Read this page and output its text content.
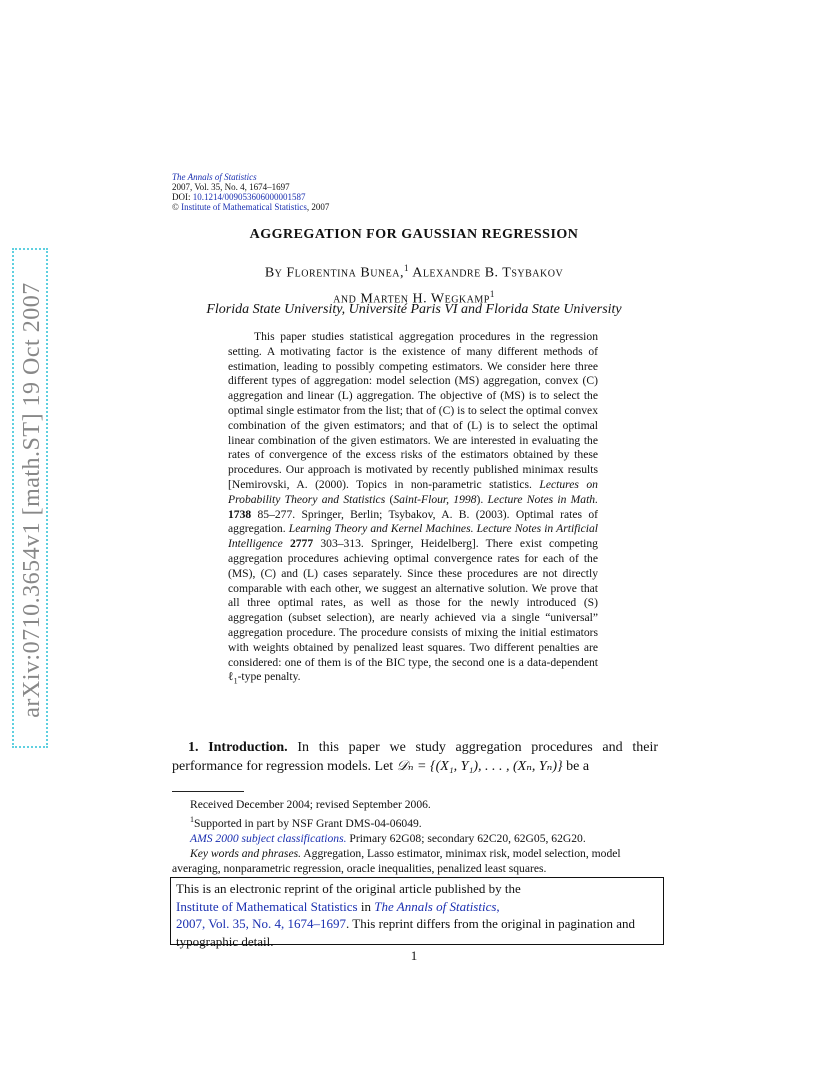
arXiv:0710.3654v1 [math.ST] 19 Oct 2007
The Annals of Statistics
2007, Vol. 35, No. 4, 1674–1697
DOI: 10.1214/009053606000001587
© Institute of Mathematical Statistics, 2007
AGGREGATION FOR GAUSSIAN REGRESSION
By Florentina Bunea,$^1$ Alexandre B. Tsybakov
and Marten H. Wegkamp$^1$
Florida State University, Université Paris VI and Florida State University

This paper studies statistical aggregation procedures in the regression setting. A motivating factor is the existence of many different methods of estimation, leading to possibly competing estimators. We consider here three different types of aggregation: model selection (MS) aggregation, convex (C) aggregation and linear (L) aggregation. The objective of (MS) is to select the optimal single estimator from the list; that of (C) is to select the optimal convex combination of the given estimators; and that of (L) is to select the optimal linear combination of the given estimators. We are interested in evaluating the rates of convergence of the excess risks of the estimators obtained by these procedures. Our approach is motivated by recently published minimax results [Nemirovski, A. (2000). Topics in non-parametric statistics. Lectures on Probability Theory and Statistics (Saint-Flour, 1998). Lecture Notes in Math. 1738 85–277. Springer, Berlin; Tsybakov, A. B. (2003). Optimal rates of aggregation. Learning Theory and Kernel Machines. Lecture Notes in Artificial Intelligence 2777 303–313. Springer, Heidelberg]. There exist competing aggregation procedures achieving optimal convergence rates for each of the (MS), (C) and (L) cases separately. Since these procedures are not directly comparable with each other, we suggest an alternative solution. We prove that all three optimal rates, as well as those for the newly introduced (S) aggregation (subset selection), are nearly achieved via a single “universal” aggregation procedure. The procedure consists of mixing the initial estimators with weights obtained by penalized least squares. Two different penalties are considered: one of them is of the BIC type, the second one is a data-dependent ℓ$_1$-type penalty.

1. Introduction. In this paper we study aggregation procedures and their performance for regression models. Let 𝒟ₙ = {(X₁, Y₁), . . . , (Xₙ, Yₙ)} be a

Received December 2004; revised September 2006.
$^1$Supported in part by NSF Grant DMS-04-06049.
AMS 2000 subject classifications. Primary 62G08; secondary 62C20, 62G05, 62G20.
Key words and phrases. Aggregation, Lasso estimator, minimax risk, model selection, model averaging, nonparametric regression, oracle inequalities, penalized least squares.
This is an electronic reprint of the original article published by the
Institute of Mathematical Statistics in The Annals of Statistics,
2007, Vol. 35, No. 4, 1674–1697. This reprint differs from the original in pagination and typographic detail.
1
